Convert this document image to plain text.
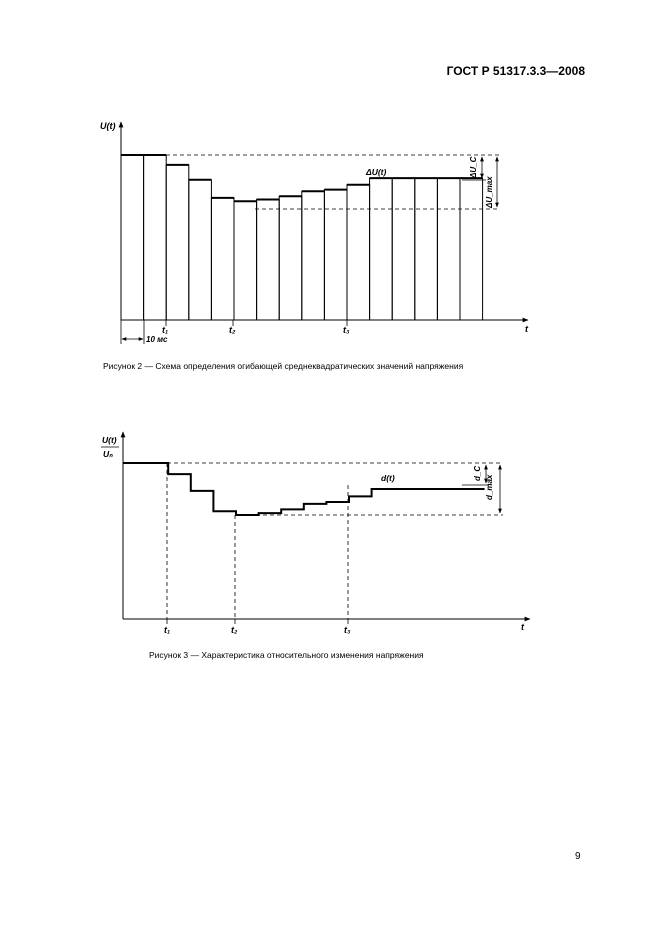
ГОСТ Р 51317.3.3—2008
U(t)
t
ΔU_C
ΔU_max
ΔU(t)
t₁	t₂	t₃
10 мс
U(t)
Uₙ
t
d_C
d_max
d(t)
t₁	t₂	t₃
Рисунок 2 — Схема определения огибающей среднеквадратических значений напряжения
Рисунок 3 — Характеристика относительного изменения напряжения
9
